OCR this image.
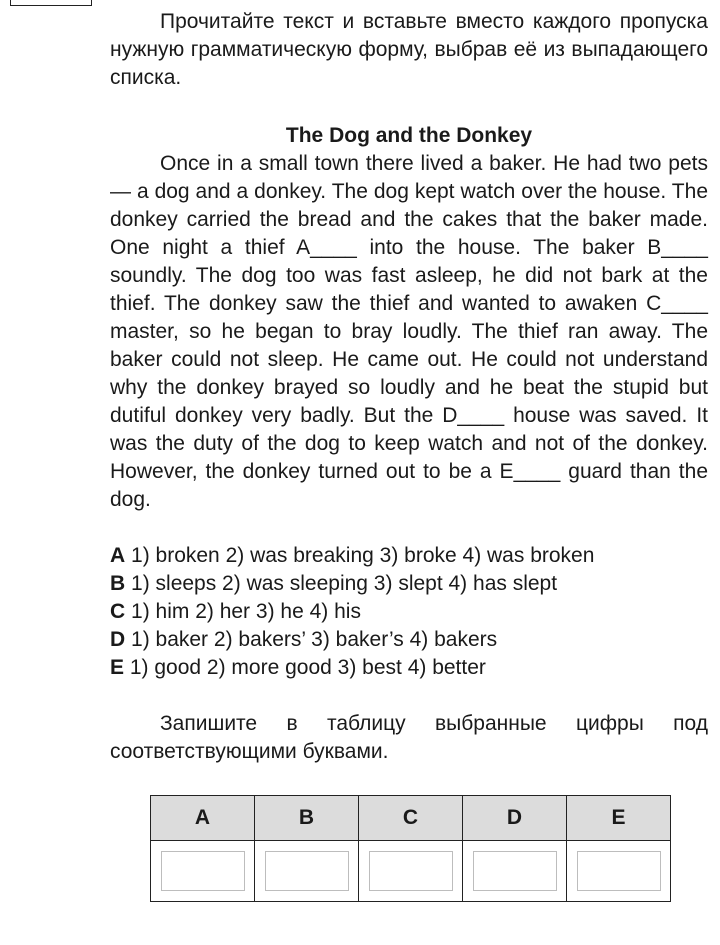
Прочитайте текст и вставьте вместо каждого пропуска нужную грамматическую форму, выбрав её из выпадающего списка.

The Dog and the Donkey

Once in a small town there lived a baker. He had two pets — a dog and a donkey. The dog kept watch over the house. The donkey carried the bread and the cakes that the baker made. One night a thief A____ into the house. The baker B____ soundly. The dog too was fast asleep, he did not bark at the thief. The donkey saw the thief and wanted to awaken C____ master, so he began to bray loudly. The thief ran away. The baker could not sleep. He came out. He could not understand why the donkey brayed so loudly and he beat the stupid but dutiful donkey very badly. But the D____ house was saved. It was the duty of the dog to keep watch and not of the donkey. However, the donkey turned out to be a E____ guard than the dog.

A 1) broken 2) was breaking 3) broke 4) was broken
B 1) sleeps 2) was sleeping 3) slept 4) has slept
C 1) him 2) her 3) he 4) his
D 1) baker 2) bakers’ 3) baker’s 4) bakers
E 1) good 2) more good 3) best 4) better

Запишите в таблицу выбранные цифры под соответствующими буквами.

A	B	C	D	E
